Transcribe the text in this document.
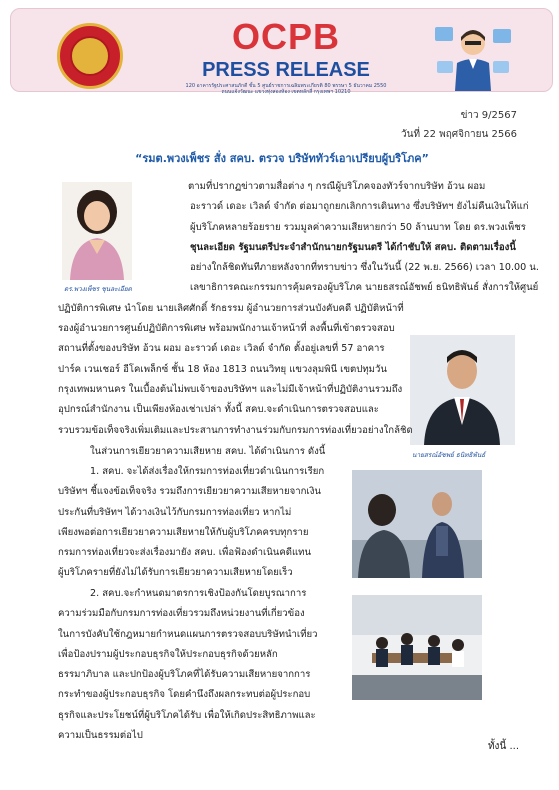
OCPB
PRESS RELEASE
120 อาคารรัฐประศาสนภักดี ชั้น 5 ศูนย์ราชการเฉลิมพระเกียรติ 80 พรรษา 5 ธันวาคม 2550
ถนนแจ้งวัฒนะ แขวงทุ่งสองห้อง เขตหลักสี่ กรุงเทพฯ 10210
ข่าว 9/2567
วันที่ 22 พฤศจิกายน 2566
“รมต.พวงเพ็ชร สั่ง สคบ. ตรวจ บริษัททัวร์เอาเปรียบผู้บริโภค”
ดร.พวงเพ็ชร ชุนละเอียด
นายสรณ์อัชพย์ ธนิทธิพันธ์
ตามที่ปรากฏข่าวตามสื่อต่าง ๆ กรณีผู้บริโภคจองทัวร์จากบริษัท อ้วน ผอม
อะราวด์ เดอะ เวิลด์ จำกัด ต่อมาถูกยกเลิกการเดินทาง ซึ่งบริษัทฯ ยังไม่คืนเงินให้แก่
ผู้บริโภคหลายร้อยราย รวมมูลค่าความเสียหายกว่า 50 ล้านบาท โดย ดร.พวงเพ็ชร
ชุนละเอียด รัฐมนตรีประจำสำนักนายกรัฐมนตรี ได้กำชับให้ สคบ. ติดตามเรื่องนี้
อย่างใกล้ชิดทันทีภายหลังจากที่ทราบข่าว ซึ่งในวันนี้ (22 พ.ย. 2566) เวลา 10.00 น.
เลขาธิการคณะกรรมการคุ้มครองผู้บริโภค นายธสรณ์อัชพย์ ธนิทธิพันธ์ สั่งการให้ศูนย์
ปฏิบัติการพิเศษ นำโดย นายเลิศศักดิ์ รักธรรม ผู้อำนวยการส่วนบังคับคดี ปฏิบัติหน้าที่
รองผู้อำนวยการศูนย์ปฏิบัติการพิเศษ พร้อมพนักงานเจ้าหน้าที่ ลงพื้นที่เข้าตรวจสอบ
สถานที่ตั้งของบริษัท อ้วน ผอม อะราวด์ เดอะ เวิลด์ จำกัด ตั้งอยู่เลขที่ 57 อาคาร
ปาร์ค เวนเชอร์ อีโคเพล็กซ์ ชั้น 18 ห้อง 1813 ถนนวิทยุ แขวงลุมพินี เขตปทุมวัน
กรุงเทพมหานคร ในเบื้องต้นไม่พบเจ้าของบริษัทฯ และไม่มีเจ้าหน้าที่ปฏิบัติงานรวมถึง
อุปกรณ์สำนักงาน เป็นเพียงห้องเช่าเปล่า ทั้งนี้ สคบ.จะดำเนินการตรวจสอบและ
รวบรวมข้อเท็จจริงเพิ่มเติมและประสานการทำงานร่วมกับกรมการท่องเที่ยวอย่างใกล้ชิด
ในส่วนการเยียวยาความเสียหาย สคบ. ได้ดำเนินการ ดังนี้
1. สคบ. จะได้ส่งเรื่องให้กรมการท่องเที่ยวดำเนินการเรียก
บริษัทฯ ชี้แจงข้อเท็จจริง รวมถึงการเยียวยาความเสียหายจากเงิน
ประกันที่บริษัทฯ ได้วางเงินไว้กับกรมการท่องเที่ยว หากไม่
เพียงพอต่อการเยียวยาความเสียหายให้กับผู้บริโภคครบทุกราย
กรมการท่องเที่ยวจะส่งเรื่องมายัง สคบ. เพื่อฟ้องดำเนินคดีแทน
ผู้บริโภครายที่ยังไม่ได้รับการเยียวยาความเสียหายโดยเร็ว
2. สคบ.จะกำหนดมาตรการเชิงป้องกันโดยบูรณาการ
ความร่วมมือกับกรมการท่องเที่ยวรวมถึงหน่วยงานที่เกี่ยวข้อง
ในการบังคับใช้กฎหมายกำหนดแผนการตรวจสอบบริษัทนำเที่ยว
เพื่อป้องปรามผู้ประกอบธุรกิจให้ประกอบธุรกิจด้วยหลัก
ธรรมาภิบาล และปกป้องผู้บริโภคที่ได้รับความเสียหายจากการ
กระทำของผู้ประกอบธุรกิจ โดยคำนึงถึงผลกระทบต่อผู้ประกอบ
ธุรกิจและประโยชน์ที่ผู้บริโภคได้รับ เพื่อให้เกิดประสิทธิภาพและ
ความเป็นธรรมต่อไป
ทั้งนี้ ...
